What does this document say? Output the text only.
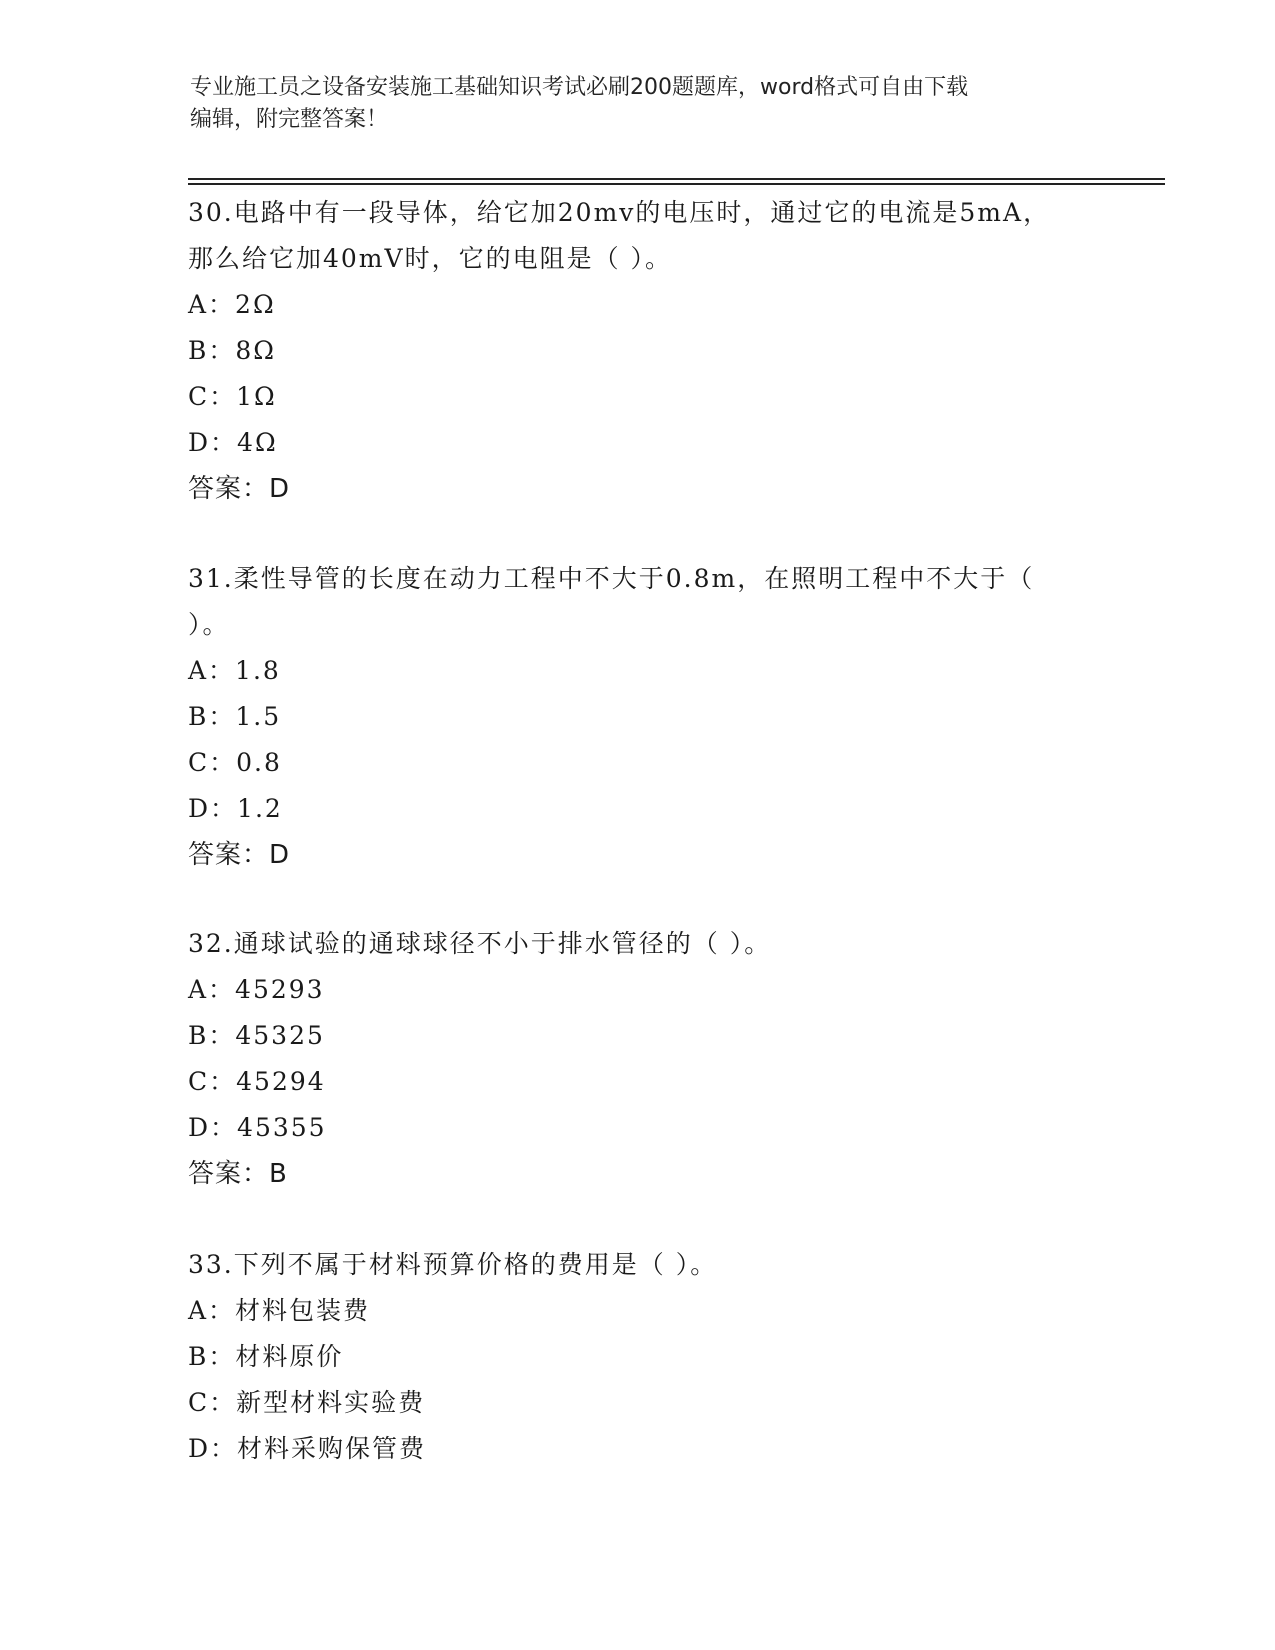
专业施工员之设备安装施工基础知识考试必刷200题题库，word格式可自由下载
编辑，附完整答案！
30.电路中有一段导体，给它加20mv的电压时，通过它的电流是5mA，
那么给它加40mV时，它的电阻是（ ）。
A：2Ω
B：8Ω
C：1Ω
D：4Ω
答案：D
31.柔性导管的长度在动力工程中不大于0.8m，在照明工程中不大于（
）。
A：1.8
B：1.5
C：0.8
D：1.2
答案：D
32.通球试验的通球球径不小于排水管径的（ ）。
A：45293
B：45325
C：45294
D：45355
答案：B
33.下列不属于材料预算价格的费用是（ ）。
A：材料包装费
B：材料原价
C：新型材料实验费
D：材料采购保管费
